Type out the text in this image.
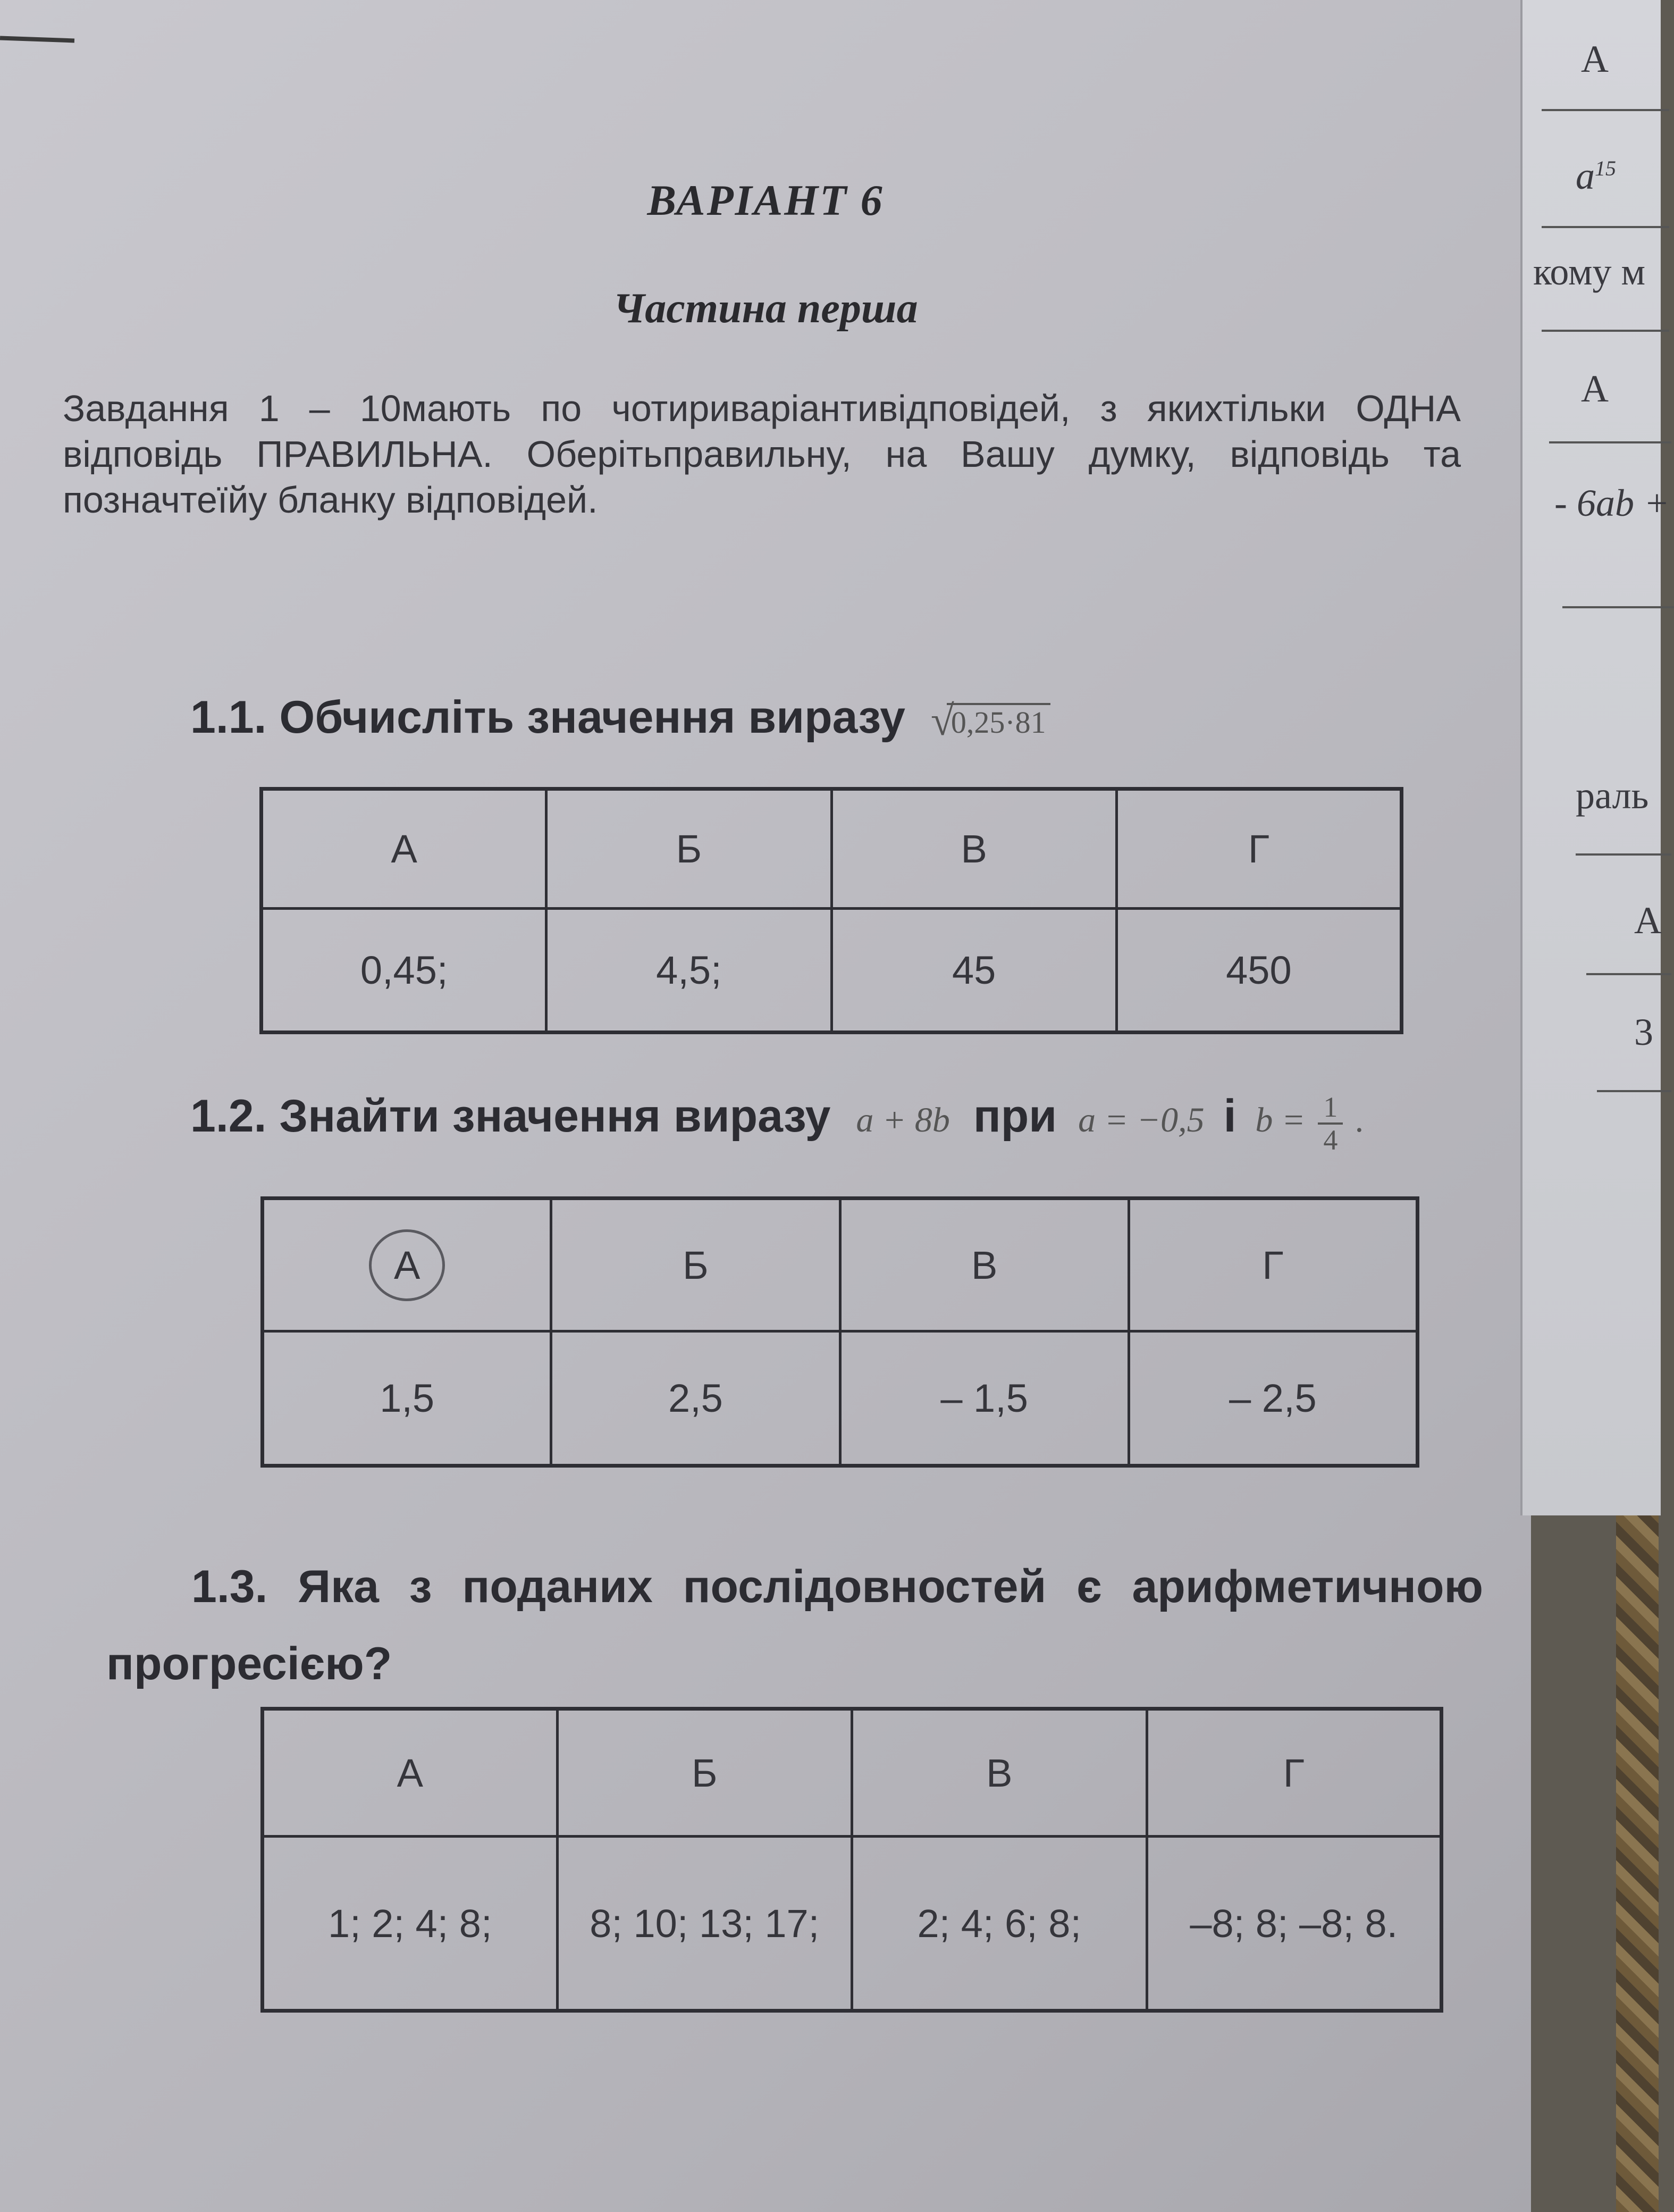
ВАРІАНТ 6
Частина перша
Завдання 1 – 10мають по чотириваріантивідповідей, з якихтільки ОДНА відповідь ПРАВИЛЬНА. Оберітьправильну, на Вашу думку, відповідь та позначтеїйу бланку відповідей.
1.1. Обчисліть значення виразу √
0,25·81
А	Б	В	Г
0,45;	4,5;	45	450
1.2. Знайти значення виразу a + 8b при a = −0,5 і $b = \frac{1}{4}$ .
А	Б	В	Г
1,5	2,5	– 1,5	– 2,5
1.3. Яка з поданих послідовностей є арифметичною
прогресією?
А	Б	В	Г
1; 2; 4; 8;	8; 10; 13; 17;	2; 4; 6; 8;	–8; 8; –8; 8.
А
$a^{15}$
кому м
А
- 6ab +
раль
А
3
